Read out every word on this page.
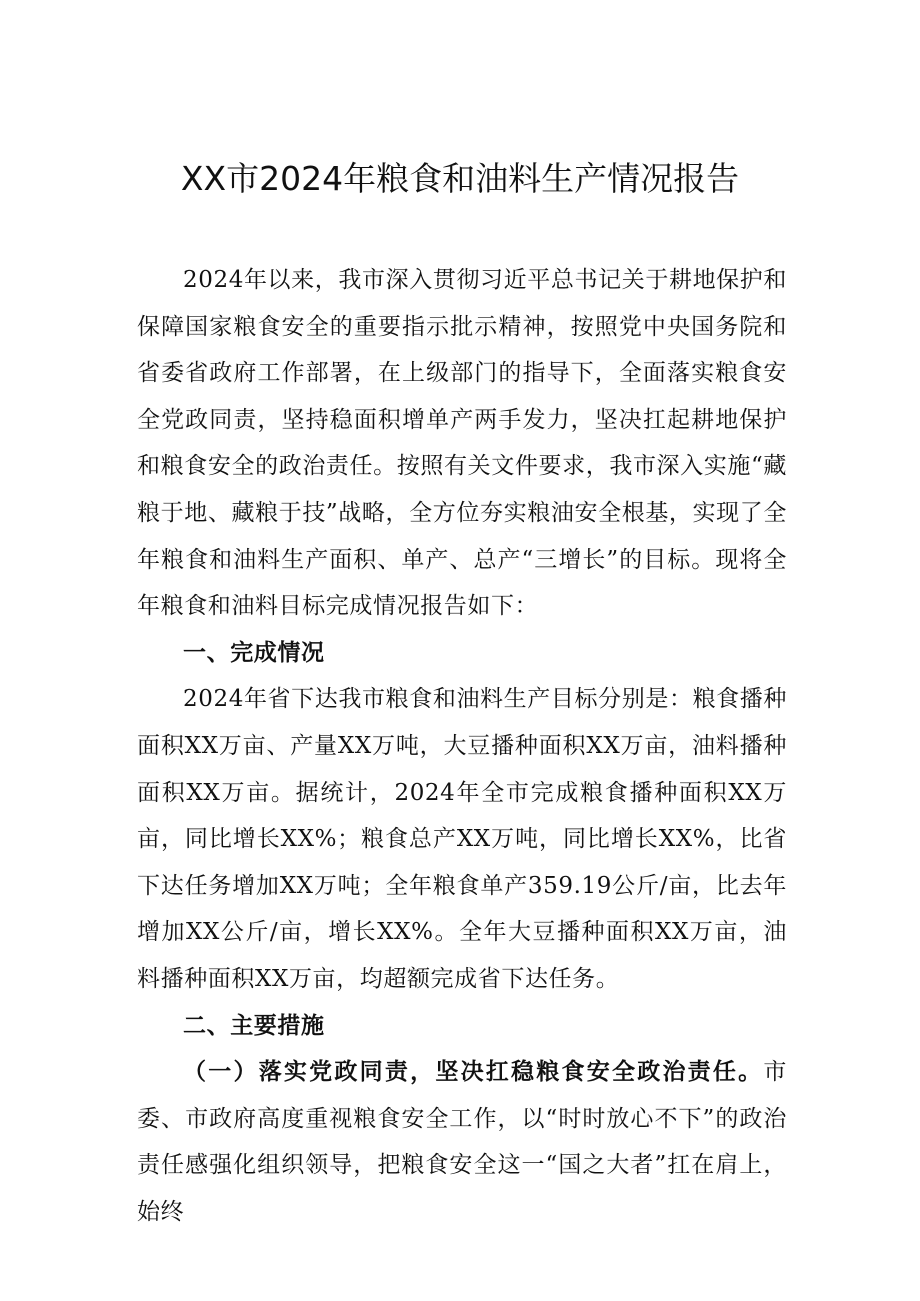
XX市2024年粮食和油料生产情况报告

2024年以来，我市深入贯彻习近平总书记关于耕地保护和保障国家粮食安全的重要指示批示精神，按照党中央国务院和省委省政府工作部署，在上级部门的指导下，全面落实粮食安全党政同责，坚持稳面积增单产两手发力，坚决扛起耕地保护和粮食安全的政治责任。按照有关文件要求，我市深入实施“藏粮于地、藏粮于技”战略，全方位夯实粮油安全根基，实现了全年粮食和油料生产面积、单产、总产“三增长”的目标。现将全年粮食和油料目标完成情况报告如下：

一、完成情况

2024年省下达我市粮食和油料生产目标分别是：粮食播种面积XX万亩、产量XX万吨，大豆播种面积XX万亩，油料播种面积XX万亩。据统计，2024年全市完成粮食播种面积XX万亩，同比增长XX%；粮食总产XX万吨，同比增长XX%，比省下达任务增加XX万吨；全年粮食单产359.19公斤/亩，比去年增加XX公斤/亩，增长XX%。全年大豆播种面积XX万亩，油料播种面积XX万亩，均超额完成省下达任务。

二、主要措施

（一）落实党政同责，坚决扛稳粮食安全政治责任。市委、市政府高度重视粮食安全工作，以“时时放心不下”的政治责任感强化组织领导，把粮食安全这一“国之大者”扛在肩上，始终
